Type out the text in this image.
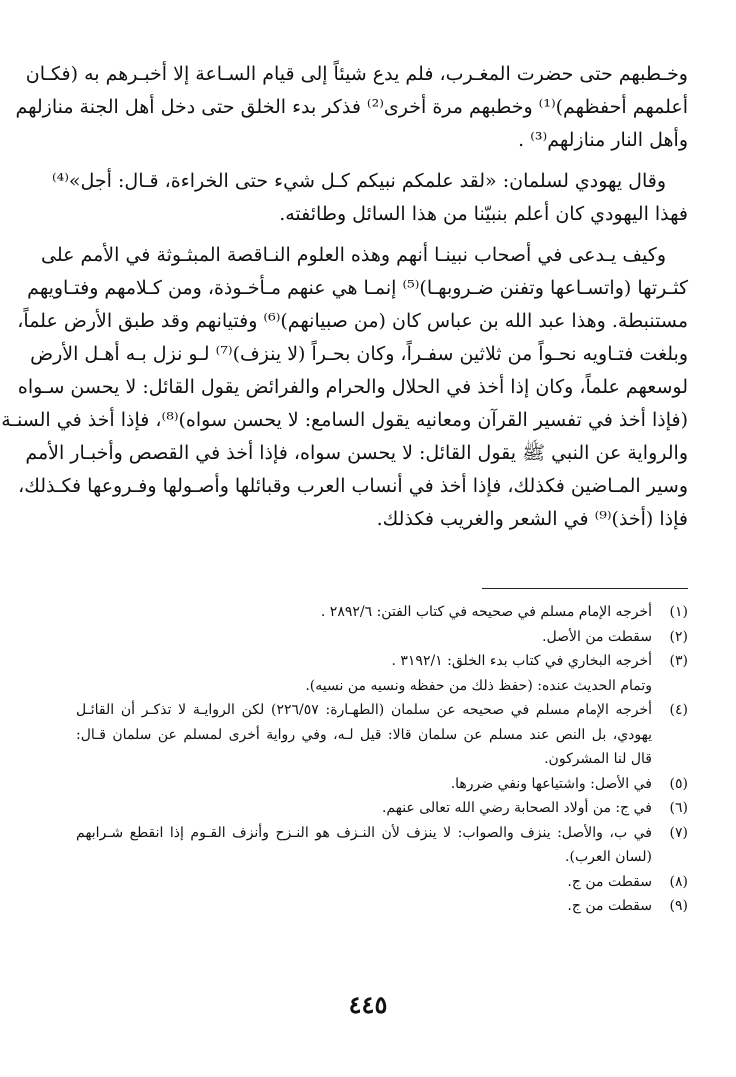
وخـطبهم حتى حضرت المغـرب، فلم يدع شيئاً إلى قيام السـاعة إلا أخبـرهم به (فكـان
أعلمهم أحفظهم)⁽¹⁾ وخطبهم مرة أخرى⁽²⁾ فذكر بدء الخلق حتى دخل أهل الجنة منازلهم
وأهل النار منازلهم⁽³⁾ .
وقال يهودي لسلمان: «لقد علمكم نبيكم كـل شيء حتى الخراءة، قـال: أجل»⁽⁴⁾
فهذا اليهودي كان أعلم بنبيّنا من هذا السائل وطائفته.
وكيف يـدعى في أصحاب نبينـا أنهم وهذه العلوم النـاقصة المبثـوثة في الأمم على
كثـرتها (واتسـاعها وتفنن ضـروبهـا)⁽⁵⁾ إنمـا هي عنهم مـأخـوذة، ومن كـلامهم وفتـاويهم
مستنبطة. وهذا عبد الله بن عباس كان (من صبيانهم)⁽⁶⁾ وفتيانهم وقد طبق الأرض علماً،
وبلغت فتـاويه نحـواً من ثلاثين سفـراً، وكان بحـراً (لا ينزف)⁽⁷⁾ لـو نزل بـه أهـل الأرض
لوسعهم علماً، وكان إذا أخذ في الحلال والحرام والفرائض يقول القائل: لا يحسن سـواه
(فإذا أخذ في تفسير القرآن ومعانيه يقول السامع: لا يحسن سواه)⁽⁸⁾، فإذا أخذ في السنـة
والرواية عن النبي ﷺ يقول القائل: لا يحسن سواه، فإذا أخذ في القصص وأخبـار الأمم
وسير المـاضين فكذلك، فإذا أخذ في أنساب العرب وقبائلها وأصـولها وفـروعها فكـذلك،
فإذا (أخذ)⁽⁹⁾ في الشعر والغريب فكذلك.
(١)
أخرجه الإمام مسلم في صحيحه في كتاب الفتن: ٢٨٩٢/٦ .
(٢)
سقطت من الأصل.
(٣)
أخرجه البخاري في كتاب بدء الخلق: ٣١٩٢/١ .
وتمام الحديث عنده: (حفظ ذلك من حفظه ونسيه من نسيه).
(٤)
أخرجه الإمام مسلم في صحيحه عن سلمان (الطهـارة: ٢٢٦/٥٧) لكن الروايـة لا تذكـر أن القائـل
يهودي، بل النص عند مسلم عن سلمان قالا: قيل لـه، وفي رواية أخرى لمسلم عن سلمان قـال:
قال لنا المشركون.
(٥)
في الأصل: واشتياعها ونفي ضررها.
(٦)
في ج: من أولاد الصحابة رضي الله تعالى عنهم.
(٧)
في ب، والأصل: ينزف والصواب: لا ينزف لأن النـزف هو النـزح وأنزف القـوم إذا انقطع شـرابهم
(لسان العرب).
(٨)
سقطت من ج.
(٩)
سقطت من ج.
٤٤٥
